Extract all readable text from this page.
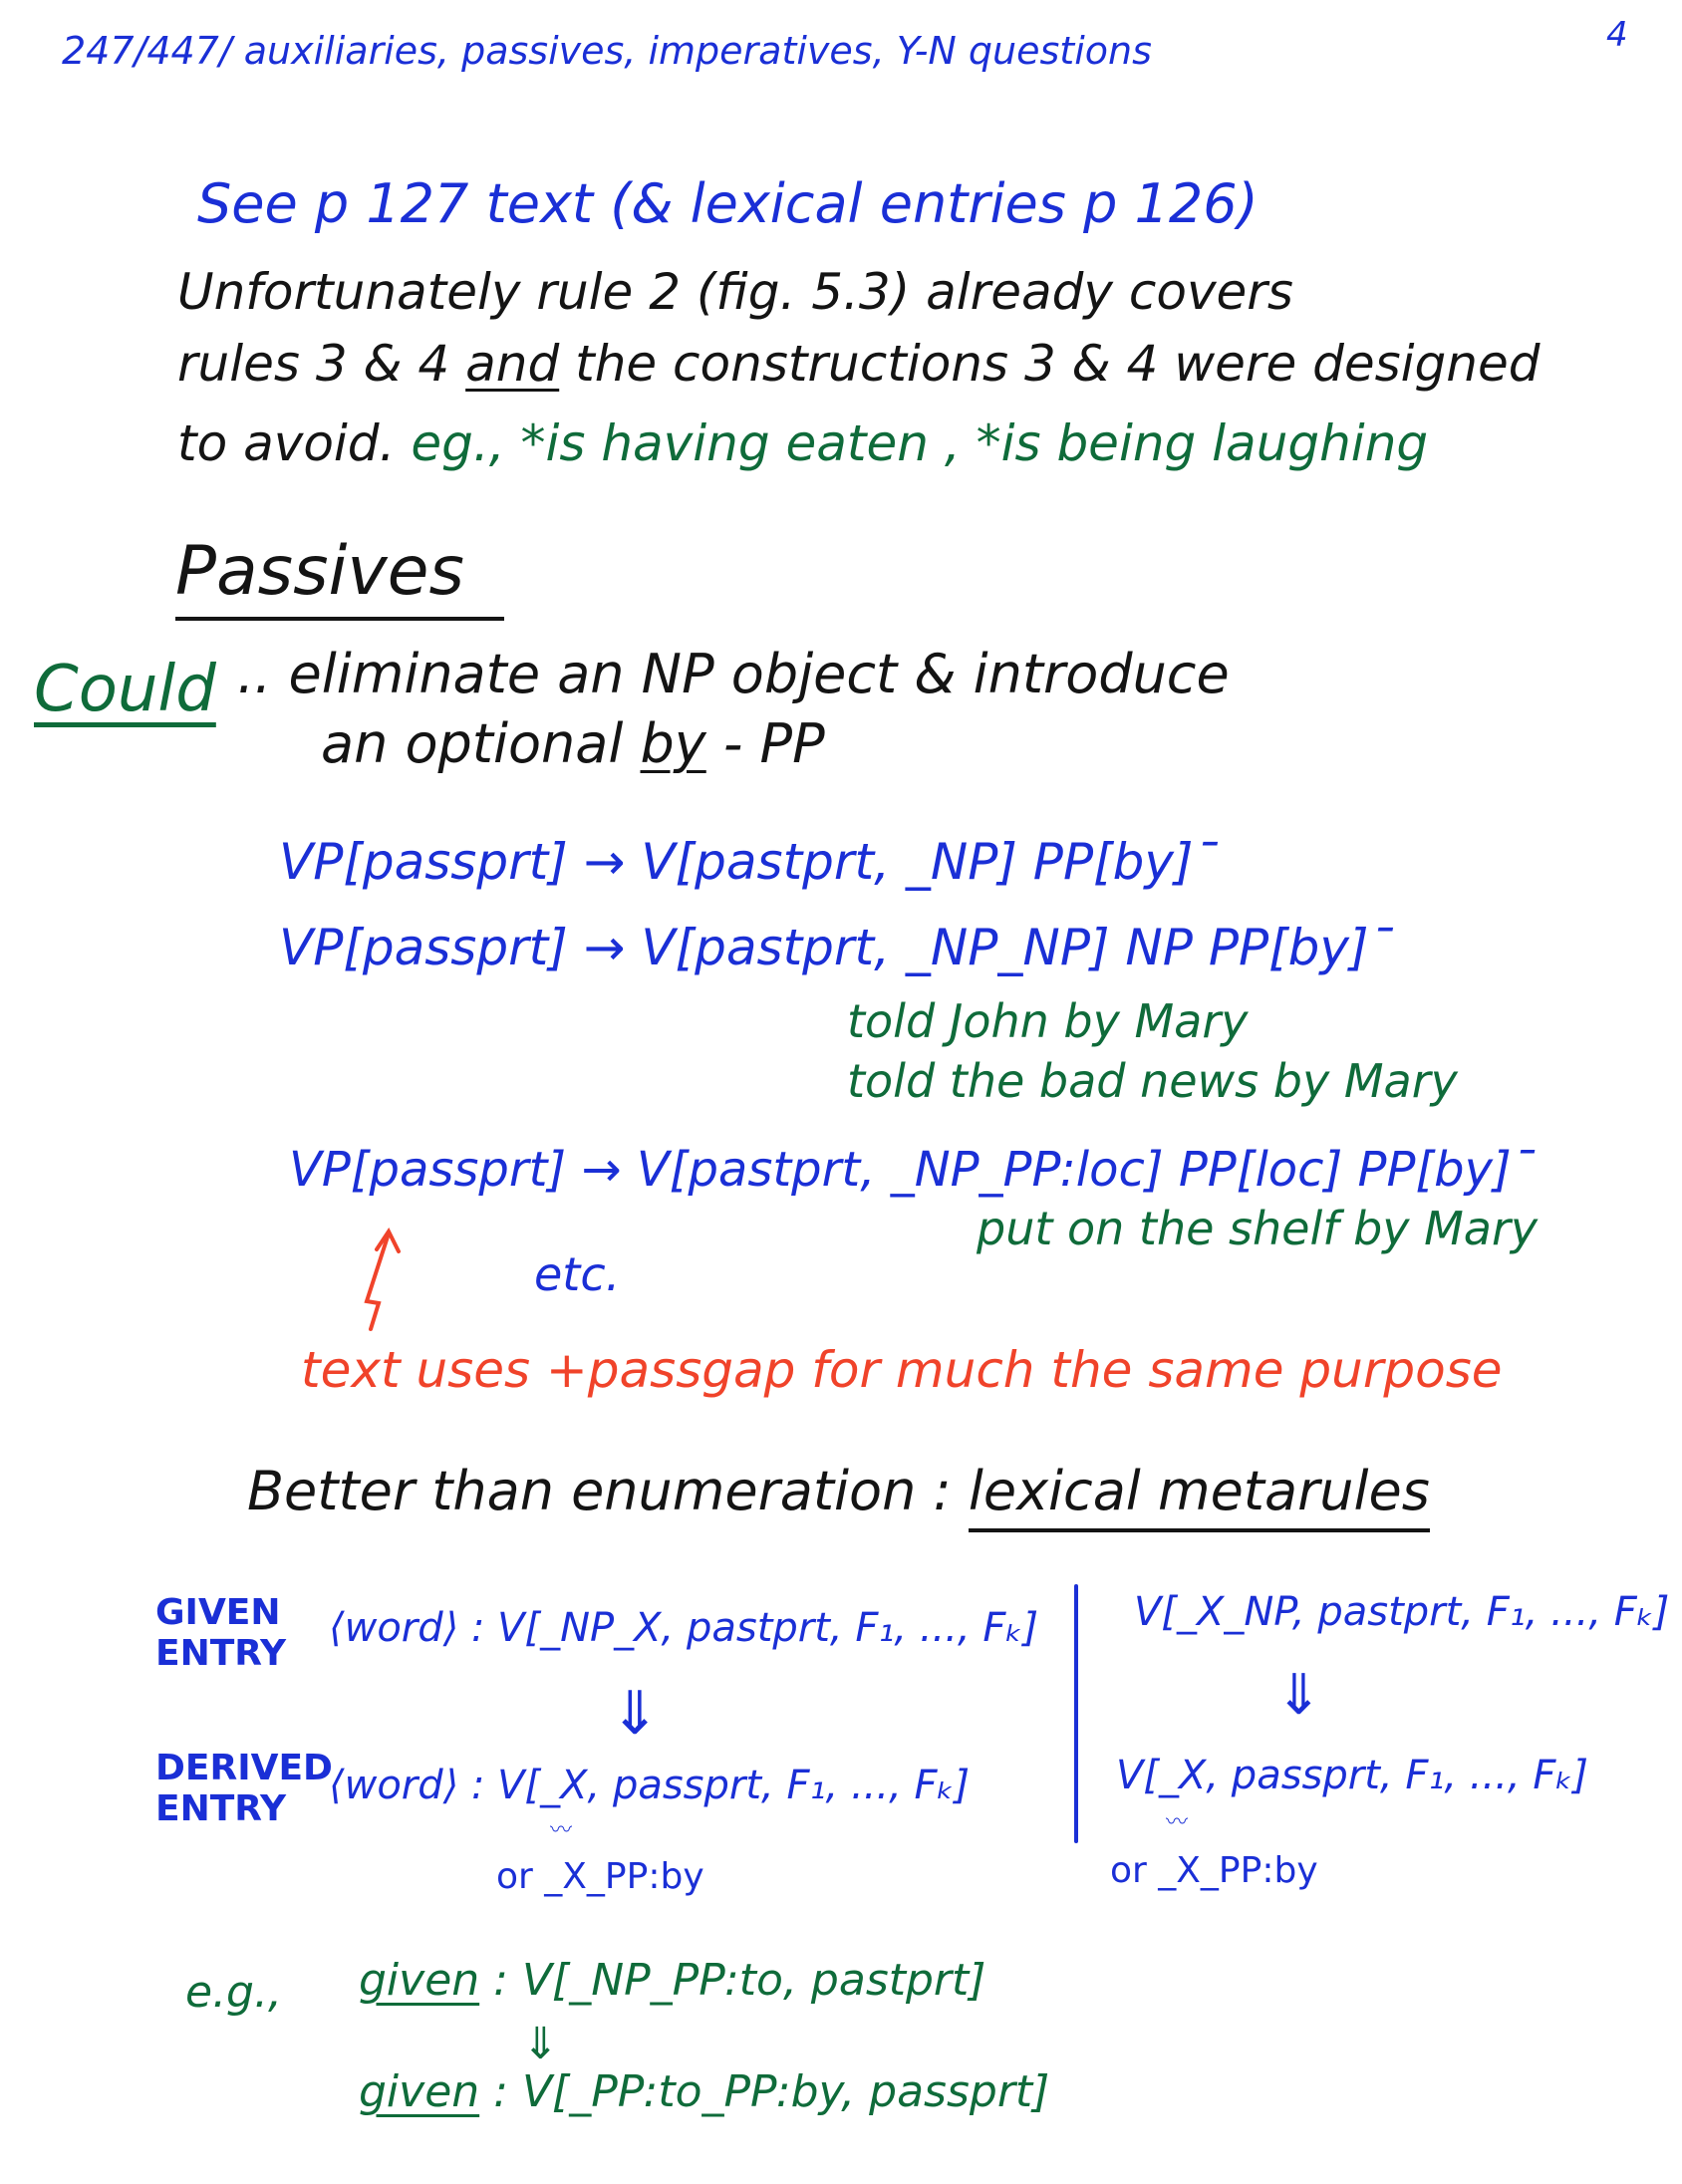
247/447/ auxiliaries, passives, imperatives, Y-N questions	4
See p 127 text (& lexical entries p 126)
Unfortunately rule 2 (fig. 5.3) already covers
rules 3 & 4 and the constructions 3 & 4 were designed
to avoid. eg., *is having eaten , *is being laughing
Passives
Could .. eliminate an NP object & introduce
an optional by - PP
VP[passprt] → V[pastprt, _NP] PP[by]ˉ
VP[passprt] → V[pastprt, _NP_NP] NP PP[by]ˉ
told John by Mary
told the bad news by Mary
VP[passprt] → V[pastprt, _NP_PP:loc] PP[loc] PP[by]ˉ
put on the shelf by Mary
etc.
text uses +passgap for much the same purpose
Better than enumeration : lexical metarules
GIVEN
ENTRY
DERIVED
ENTRY
⟨word⟩ : V[_NP_X, pastprt, F₁, ..., Fₖ]
⇓
⟨word⟩ : V[_X, passprt, F₁, ..., Fₖ]
〰
or _X_PP:by
V[_X_NP, pastprt, F₁, ..., Fₖ]
⇓
V[_X, passprt, F₁, ..., Fₖ]
〰
or _X_PP:by
e.g., given : V[_NP_PP:to, pastprt]
⇓
given : V[_PP:to_PP:by, passprt]
